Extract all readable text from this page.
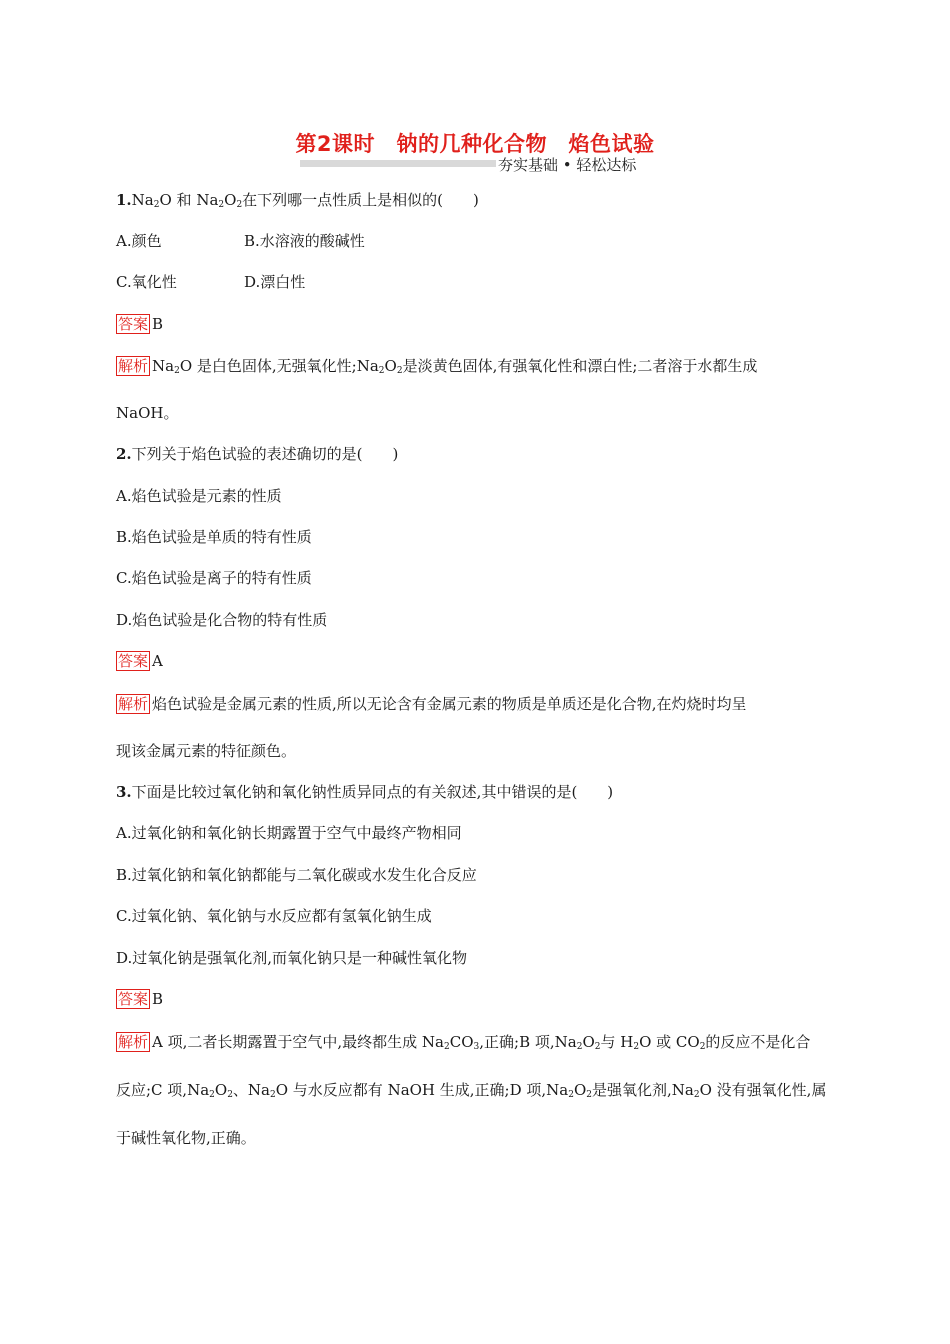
第2课时　钠的几种化合物　焰色试验
夯实基础 • 轻松达标
$1.Na_2O$ 和 $Na_2O_2$在下列哪一点性质上是相似的( )
A.颜色	B.水溶液的酸碱性
C.氧化性	D.漂白性
答案 B
解析 $Na_2O$ 是白色固体,无强氧化性$;Na_2O_2$是淡黄色固体,有强氧化性和漂白性;二者溶于水都生成
NaOH。
2.下列关于焰色试验的表述确切的是(　　)
A.焰色试验是元素的性质
B.焰色试验是单质的特有性质
C.焰色试验是离子的特有性质
D.焰色试验是化合物的特有性质
答案 A
解析 焰色试验是金属元素的性质,所以无论含有金属元素的物质是单质还是化合物,在灼烧时均呈
现该金属元素的特征颜色。
3.下面是比较过氧化钠和氧化钠性质异同点的有关叙述,其中错误的是(　　)
A.过氧化钠和氧化钠长期露置于空气中最终产物相同
B.过氧化钠和氧化钠都能与二氧化碳或水发生化合反应
C.过氧化钠、氧化钠与水反应都有氢氧化钠生成
D.过氧化钠是强氧化剂,而氧化钠只是一种碱性氧化物
答案 B
解析 A 项,二者长期露置于空气中,最终都生成 $Na_2CO_3$,正确;B 项$,Na_2O_2$与 $H_2O$ 或 $CO_2$的反应不是化合
反应;C 项$,Na_2O_2$、$Na_2O$ 与水反应都有 NaOH 生成,正确;D 项$,Na_2O_2$是强氧化剂$,Na_2O$ 没有强氧化性,属
于碱性氧化物,正确。
